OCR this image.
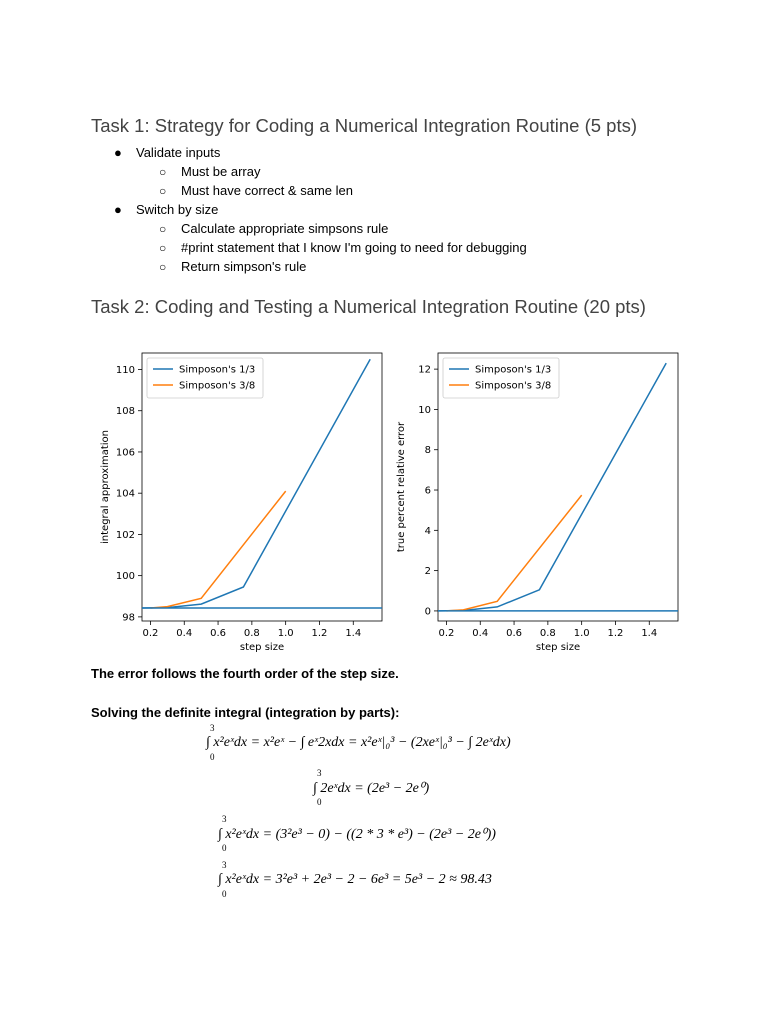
Task 1: Strategy for Coding a Numerical Integration Routine (5 pts)
● Validate inputs
○ Must be array
○ Must have correct & same len
● Switch by size
○ Calculate appropriate simpsons rule
○ #print statement that I know I'm going to need for debugging
○ Return simpson's rule
Task 2: Coding and Testing a Numerical Integration Routine (20 pts)
0.2 0.4 0.6 0.8 1.0 1.2 1.4
98
100
102
104
106
108
110
step size
integral approximation
Simposon's 1/3
Simposon's 3/8
0.2 0.4 0.6 0.8 1.0 1.2 1.4
0
2
4
6
8
10
12
step size
true percent relative error
Simposon's 1/3
Simposon's 3/8
The error follows the fourth order of the step size.
Solving the definite integral (integration by parts):
3
0
∫ x²eˣdx = x²eˣ − ∫ eˣ2xdx = x²eˣ|₀³ − (2xeˣ|₀³ − ∫ 2eˣdx)
3
0
∫ 2eˣdx = (2e³ − 2e⁰)
3
0
∫ x²eˣdx = (3²e³ − 0) − ((2 * 3 * e³) − (2e³ − 2e⁰))
3
0
∫ x²eˣdx = 3²e³ + 2e³ − 2 − 6e³ = 5e³ − 2 ≈ 98.43
